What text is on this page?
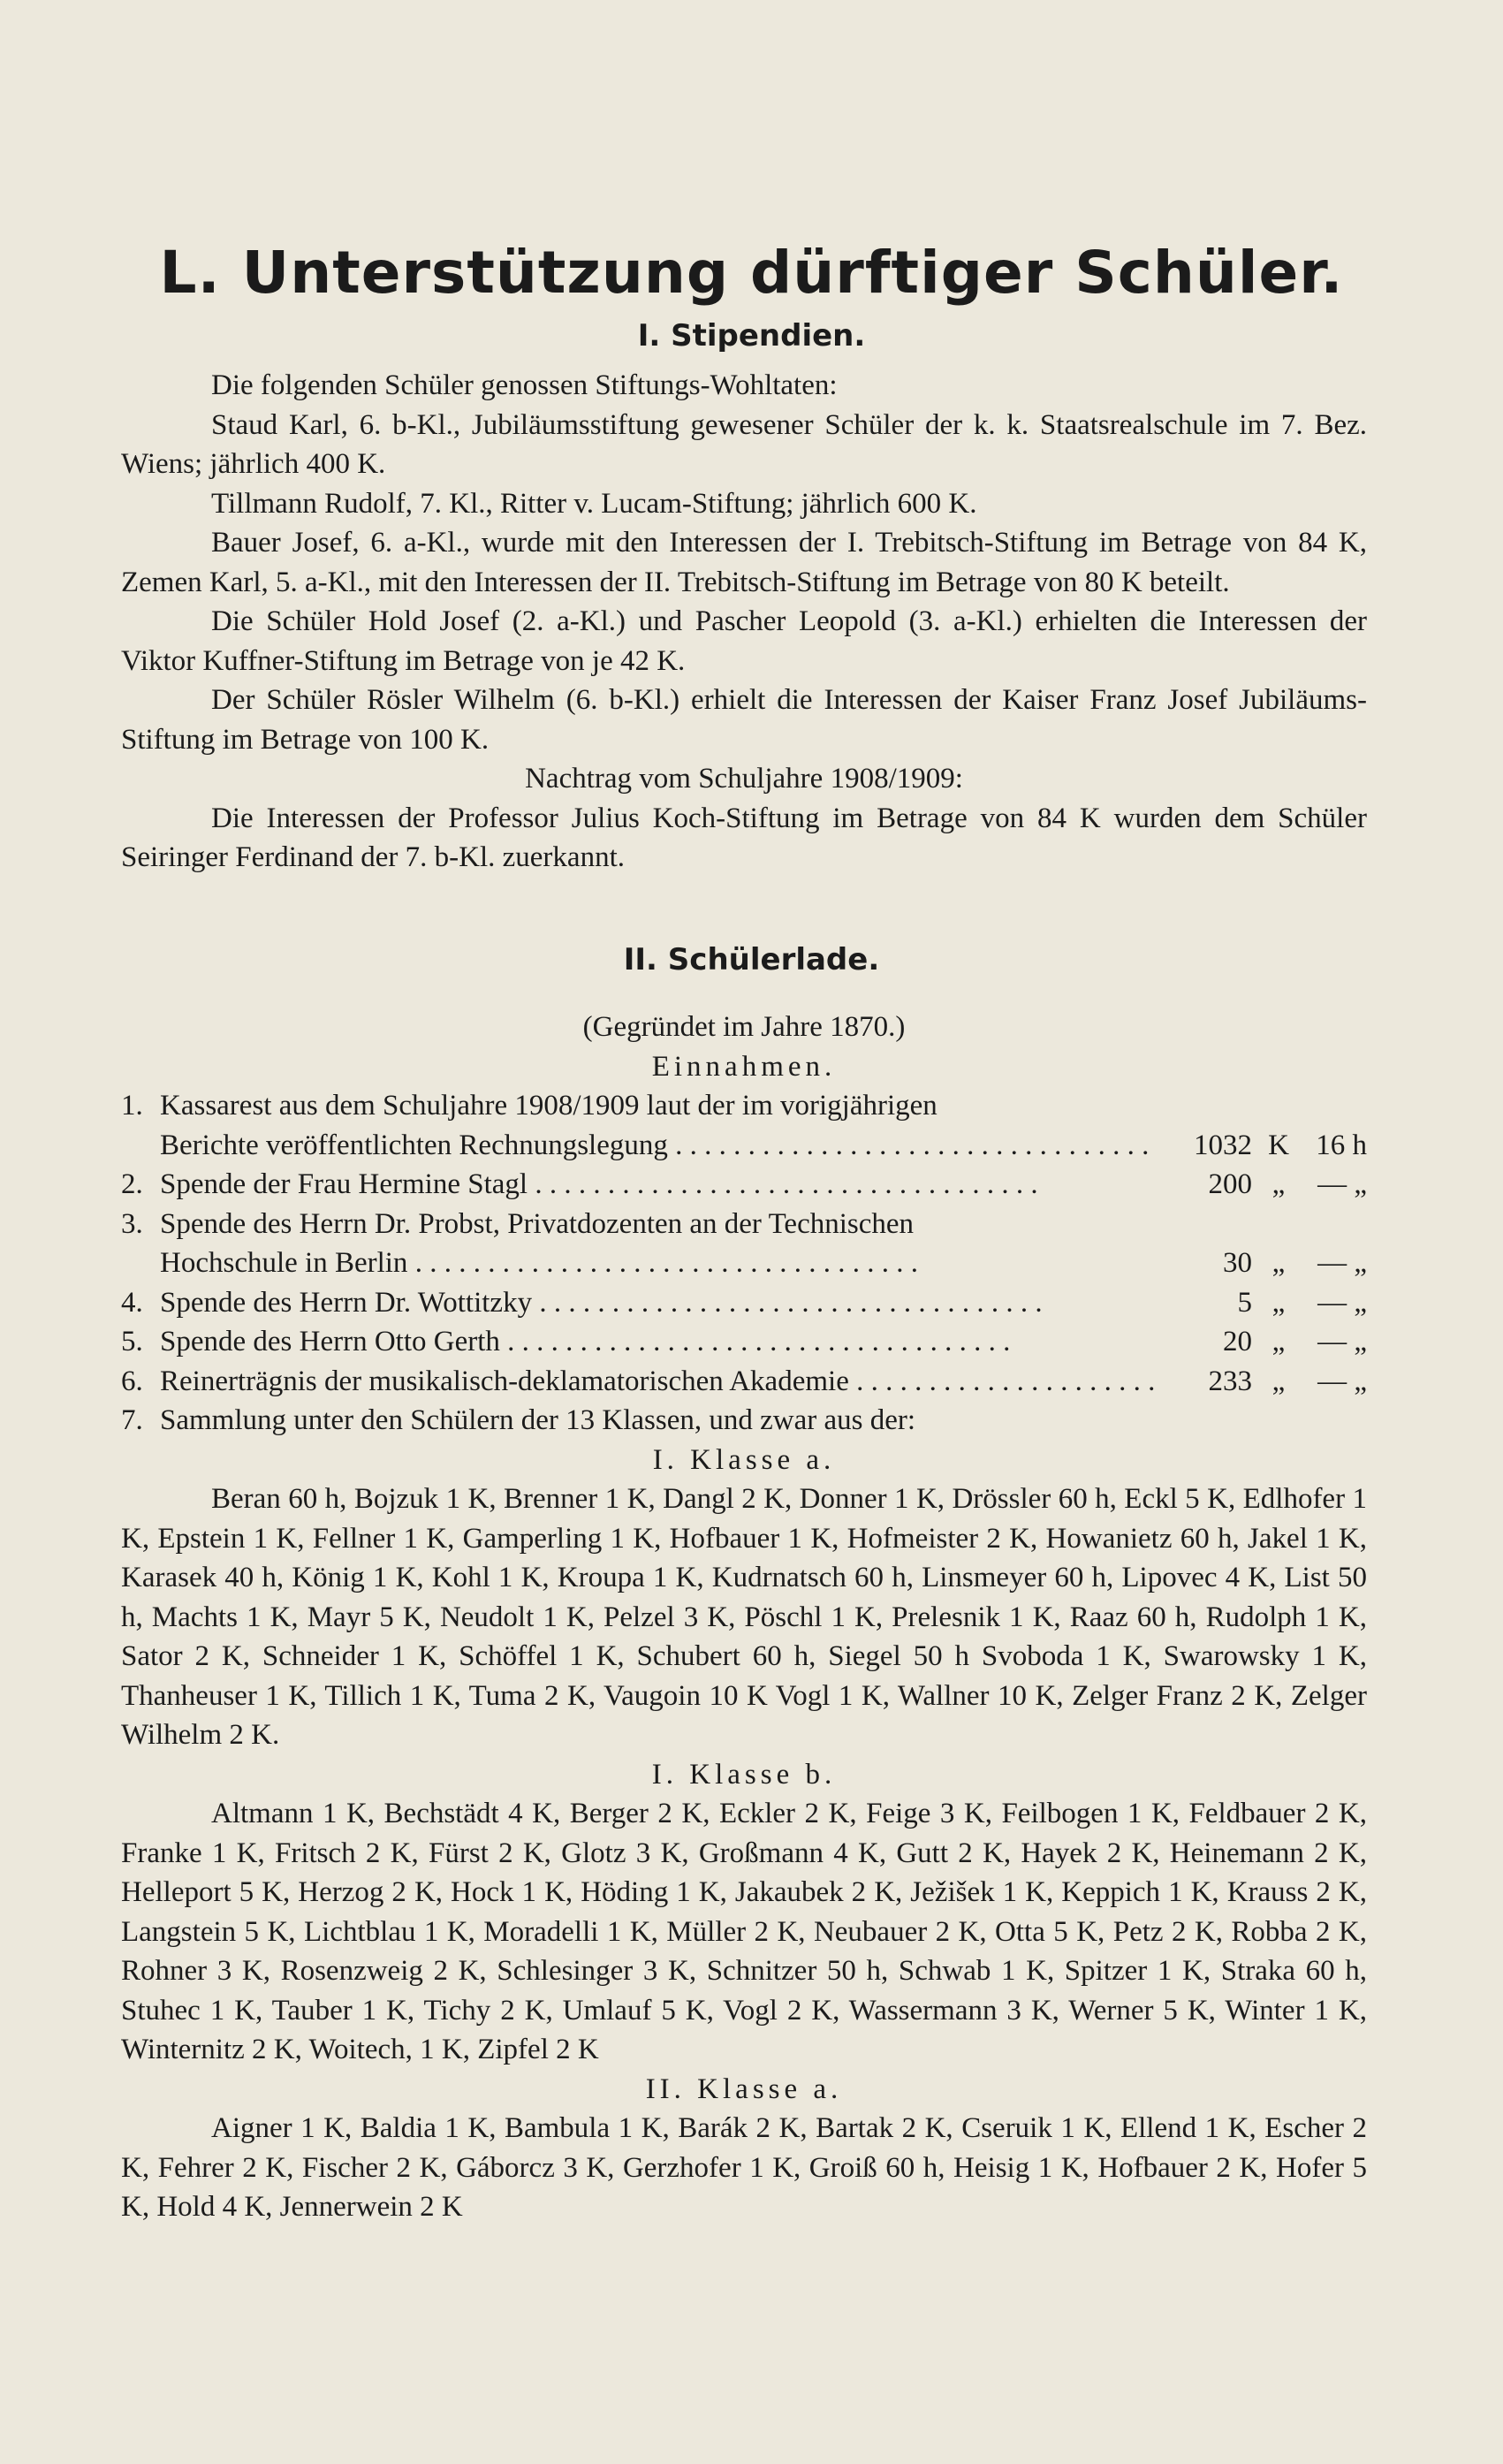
L. Unterstützung dürftiger Schüler.
I. Stipendien.

Die folgenden Schüler genossen Stiftungs-Wohltaten:

Staud Karl, 6. b-Kl., Jubiläumsstiftung gewesener Schüler der k. k. Staatsrealschule im 7. Bez. Wiens; jährlich 400 K.

Tillmann Rudolf, 7. Kl., Ritter v. Lucam-Stiftung; jährlich 600 K.

Bauer Josef, 6. a-Kl., wurde mit den Interessen der I. Trebitsch-Stiftung im Betrage von 84 K, Zemen Karl, 5. a-Kl., mit den Interessen der II. Trebitsch-Stiftung im Betrage von 80 K beteilt.

Die Schüler Hold Josef (2. a-Kl.) und Pascher Leopold (3. a-Kl.) erhielten die Interessen der Viktor Kuffner-Stiftung im Betrage von je 42 K.

Der Schüler Rösler Wilhelm (6. b-Kl.) erhielt die Interessen der Kaiser Franz Josef Jubiläums-Stiftung im Betrage von 100 K.

Nachtrag vom Schuljahre 1908/1909:

Die Interessen der Professor Julius Koch-Stiftung im Betrage von 84 K wurden dem Schüler Seiringer Ferdinand der 7. b-Kl. zuerkannt.

II. Schülerlade.

(Gegründet im Jahre 1870.)

Einnahmen.

1. Kassarest aus dem Schuljahre 1908/1909 laut der im vorigjährigen
Berichte veröffentlichten Rechnungslegung . . .	1032 K 16 h
2. Spende der Frau Hermine Stagl . . .	200 „	— „
3. Spende des Herrn Dr. Probst, Privatdozenten an der Technischen
Hochschule in Berlin . . .	30 „	— „
4. Spende des Herrn Dr. Wottitzky . . .	5 „	— „
5. Spende des Herrn Otto Gerth . . .	20 „	— „
6. Reinerträgnis der musikalisch-deklamatorischen Akademie . . .	233 „	— „
7. Sammlung unter den Schülern der 13 Klassen, und zwar aus der:

I. Klasse a.

Beran 60 h, Bojzuk 1 K, Brenner 1 K, Dangl 2 K, Donner 1 K, Drössler 60 h, Eckl 5 K, Edlhofer 1 K, Epstein 1 K, Fellner 1 K, Gamperling 1 K, Hofbauer 1 K, Hofmeister 2 K, Howanietz 60 h, Jakel 1 K, Karasek 40 h, König 1 K, Kohl 1 K, Kroupa 1 K, Kudrnatsch 60 h, Linsmeyer 60 h, Lipovec 4 K, List 50 h, Machts 1 K, Mayr 5 K, Neudolt 1 K, Pelzel 3 K, Pöschl 1 K, Prelesnik 1 K, Raaz 60 h, Rudolph 1 K, Sator 2 K, Schneider 1 K, Schöffel 1 K, Schubert 60 h, Siegel 50 h Svoboda 1 K, Swarowsky 1 K, Thanheuser 1 K, Tillich 1 K, Tuma 2 K, Vaugoin 10 K Vogl 1 K, Wallner 10 K, Zelger Franz 2 K, Zelger Wilhelm 2 K.

I. Klasse b.

Altmann 1 K, Bechstädt 4 K, Berger 2 K, Eckler 2 K, Feige 3 K, Feilbogen 1 K, Feldbauer 2 K, Franke 1 K, Fritsch 2 K, Fürst 2 K, Glotz 3 K, Großmann 4 K, Gutt 2 K, Hayek 2 K, Heinemann 2 K, Helleport 5 K, Herzog 2 K, Hock 1 K, Höding 1 K, Jakaubek 2 K, Ježišek 1 K, Keppich 1 K, Krauss 2 K, Langstein 5 K, Lichtblau 1 K, Moradelli 1 K, Müller 2 K, Neubauer 2 K, Otta 5 K, Petz 2 K, Robba 2 K, Rohner 3 K, Rosenzweig 2 K, Schlesinger 3 K, Schnitzer 50 h, Schwab 1 K, Spitzer 1 K, Straka 60 h, Stuhec 1 K, Tauber 1 K, Tichy 2 K, Umlauf 5 K, Vogl 2 K, Wassermann 3 K, Werner 5 K, Winter 1 K, Winternitz 2 K, Woitech, 1 K, Zipfel 2 K

II. Klasse a.

Aigner 1 K, Baldia 1 K, Bambula 1 K, Barák 2 K, Bartak 2 K, Cseruik 1 K, Ellend 1 K, Escher 2 K, Fehrer 2 K, Fischer 2 K, Gáborcz 3 K, Gerzhofer 1 K, Groiß 60 h, Heisig 1 K, Hofbauer 2 K, Hofer 5 K, Hold 4 K, Jennerwein 2 K
